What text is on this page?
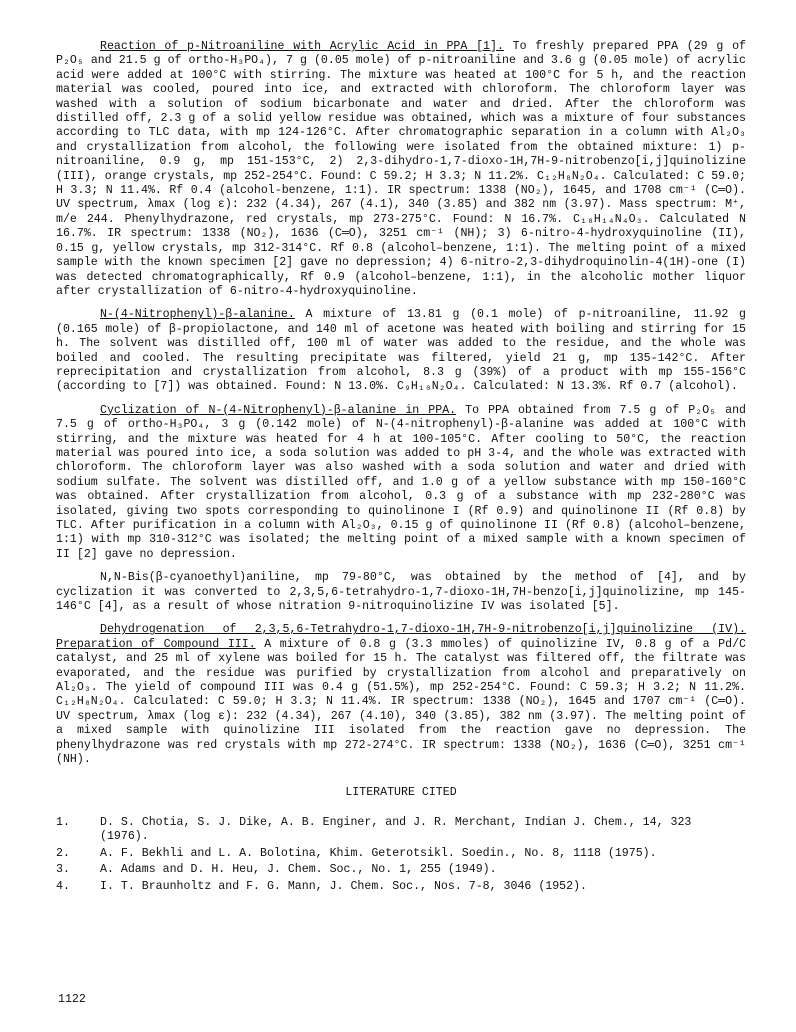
Reaction of p-Nitroaniline with Acrylic Acid in PPA [1]. To freshly prepared PPA (29 g of P₂O₅ and 21.5 g of ortho-H₃PO₄), 7 g (0.05 mole) of p-nitroaniline and 3.6 g (0.05 mole) of acrylic acid were added at 100°C with stirring. The mixture was heated at 100°C for 5 h, and the reaction material was cooled, poured into ice, and extracted with chloroform. The chloroform layer was washed with a solution of sodium bicarbonate and water and dried. After the chloroform was distilled off, 2.3 g of a solid yellow residue was obtained, which was a mixture of four substances according to TLC data, with mp 124-126°C. After chromatographic separation in a column with Al₂O₃ and crystallization from alcohol, the following were isolated from the obtained mixture: 1) p-nitroaniline, 0.9 g, mp 151-153°C, 2) 2,3-dihydro-1,7-dioxo-1H,7H-9-nitrobenzo[i,j]quinolizine (III), orange crystals, mp 252-254°C. Found: C 59.2; H 3.3; N 11.2%. C₁₂H₈N₂O₄. Calculated: C 59.0; H 3.3; N 11.4%. Rf 0.4 (alcohol-benzene, 1:1). IR spectrum: 1338 (NO₂), 1645, and 1708 cm⁻¹ (C═O). UV spectrum, λmax (log ε): 232 (4.34), 267 (4.1), 340 (3.85) and 382 nm (3.97). Mass spectrum: M⁺, m/e 244. Phenylhydrazone, red crystals, mp 273-275°C. Found: N 16.7%. C₁₈H₁₄N₄O₃. Calculated N 16.7%. IR spectrum: 1338 (NO₂), 1636 (C═O), 3251 cm⁻¹ (NH); 3) 6-nitro-4-hydroxyquinoline (II), 0.15 g, yellow crystals, mp 312-314°C. Rf 0.8 (alcohol–benzene, 1:1). The melting point of a mixed sample with the known specimen [2] gave no depression; 4) 6-nitro-2,3-dihydroquinolin-4(1H)-one (I) was detected chromatographically, Rf 0.9 (alcohol–benzene, 1:1), in the alcoholic mother liquor after crystallization of 6-nitro-4-hydroxyquinoline.

N-(4-Nitrophenyl)-β-alanine. A mixture of 13.81 g (0.1 mole) of p-nitroaniline, 11.92 g (0.165 mole) of β-propiolactone, and 140 ml of acetone was heated with boiling and stirring for 15 h. The solvent was distilled off, 100 ml of water was added to the residue, and the whole was boiled and cooled. The resulting precipitate was filtered, yield 21 g, mp 135-142°C. After reprecipitation and crystallization from alcohol, 8.3 g (39%) of a product with mp 155-156°C (according to [7]) was obtained. Found: N 13.0%. C₉H₁₀N₂O₄. Calculated: N 13.3%. Rf 0.7 (alcohol).

Cyclization of N-(4-Nitrophenyl)-β-alanine in PPA. To PPA obtained from 7.5 g of P₂O₅ and 7.5 g of ortho-H₃PO₄, 3 g (0.142 mole) of N-(4-nitrophenyl)-β-alanine was added at 100°C with stirring, and the mixture was heated for 4 h at 100-105°C. After cooling to 50°C, the reaction material was poured into ice, a soda solution was added to pH 3-4, and the whole was extracted with chloroform. The chloroform layer was also washed with a soda solution and water and dried with sodium sulfate. The solvent was distilled off, and 1.0 g of a yellow substance with mp 150-160°C was obtained. After crystallization from alcohol, 0.3 g of a substance with mp 232-280°C was isolated, giving two spots corresponding to quinolinone I (Rf 0.9) and quinolinone II (Rf 0.8) by TLC. After purification in a column with Al₂O₃, 0.15 g of quinolinone II (Rf 0.8) (alcohol–benzene, 1:1) with mp 310-312°C was isolated; the melting point of a mixed sample with a known specimen of II [2] gave no depression.

N,N-Bis(β-cyanoethyl)aniline, mp 79-80°C, was obtained by the method of [4], and by cyclization it was converted to 2,3,5,6-tetrahydro-1,7-dioxo-1H,7H-benzo[i,j]quinolizine, mp 145-146°C [4], as a result of whose nitration 9-nitroquinolizine IV was isolated [5].

Dehydrogenation of 2,3,5,6-Tetrahydro-1,7-dioxo-1H,7H-9-nitrobenzo[i,j]quinolizine (IV). Preparation of Compound III. A mixture of 0.8 g (3.3 mmoles) of quinolizine IV, 0.8 g of a Pd/C catalyst, and 25 ml of xylene was boiled for 15 h. The catalyst was filtered off, the filtrate was evaporated, and the residue was purified by crystallization from alcohol and preparatively on Al₂O₃. The yield of compound III was 0.4 g (51.5%), mp 252-254°C. Found: C 59.3; H 3.2; N 11.2%. C₁₂H₈N₂O₄. Calculated: C 59.0; H 3.3; N 11.4%. IR spectrum: 1338 (NO₂), 1645 and 1707 cm⁻¹ (C═O). UV spectrum, λmax (log ε): 232 (4.34), 267 (4.10), 340 (3.85), 382 nm (3.97). The melting point of a mixed sample with quinolizine III isolated from the reaction gave no depression. The phenylhydrazone was red crystals with mp 272-274°C. IR spectrum: 1338 (NO₂), 1636 (C═O), 3251 cm⁻¹ (NH).

LITERATURE CITED
1.	D. S. Chotia, S. J. Dike, A. B. Enginer, and J. R. Merchant, Indian J. Chem., 14, 323 (1976).
2.	A. F. Bekhli and L. A. Bolotina, Khim. Geterotsikl. Soedin., No. 8, 1118 (1975).
3.	A. Adams and D. H. Heu, J. Chem. Soc., No. 1, 255 (1949).
4.	I. T. Braunholtz and F. G. Mann, J. Chem. Soc., Nos. 7-8, 3046 (1952).
1122
